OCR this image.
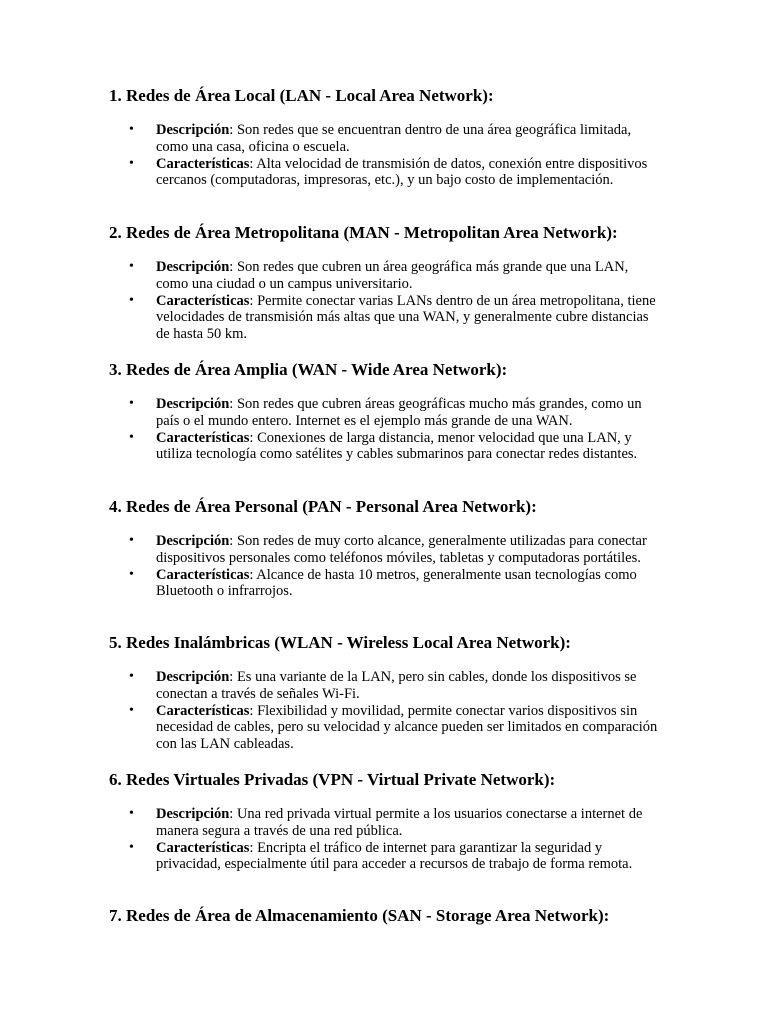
1. Redes de Área Local (LAN - Local Area Network):
• Descripción: Son redes que se encuentran dentro de una área geográfica limitada, como una casa, oficina o escuela.
• Características: Alta velocidad de transmisión de datos, conexión entre dispositivos cercanos (computadoras, impresoras, etc.), y un bajo costo de implementación.
2. Redes de Área Metropolitana (MAN - Metropolitan Area Network):
• Descripción: Son redes que cubren un área geográfica más grande que una LAN, como una ciudad o un campus universitario.
• Características: Permite conectar varias LANs dentro de un área metropolitana, tiene velocidades de transmisión más altas que una WAN, y generalmente cubre distancias de hasta 50 km.
3. Redes de Área Amplia (WAN - Wide Area Network):
• Descripción: Son redes que cubren áreas geográficas mucho más grandes, como un país o el mundo entero. Internet es el ejemplo más grande de una WAN.
• Características: Conexiones de larga distancia, menor velocidad que una LAN, y utiliza tecnología como satélites y cables submarinos para conectar redes distantes.
4. Redes de Área Personal (PAN - Personal Area Network):
• Descripción: Son redes de muy corto alcance, generalmente utilizadas para conectar dispositivos personales como teléfonos móviles, tabletas y computadoras portátiles.
• Características: Alcance de hasta 10 metros, generalmente usan tecnologías como Bluetooth o infrarrojos.
5. Redes Inalámbricas (WLAN - Wireless Local Area Network):
• Descripción: Es una variante de la LAN, pero sin cables, donde los dispositivos se conectan a través de señales Wi-Fi.
• Características: Flexibilidad y movilidad, permite conectar varios dispositivos sin necesidad de cables, pero su velocidad y alcance pueden ser limitados en comparación con las LAN cableadas.
6. Redes Virtuales Privadas (VPN - Virtual Private Network):
• Descripción: Una red privada virtual permite a los usuarios conectarse a internet de manera segura a través de una red pública.
• Características: Encripta el tráfico de internet para garantizar la seguridad y privacidad, especialmente útil para acceder a recursos de trabajo de forma remota.
7. Redes de Área de Almacenamiento (SAN - Storage Area Network):
